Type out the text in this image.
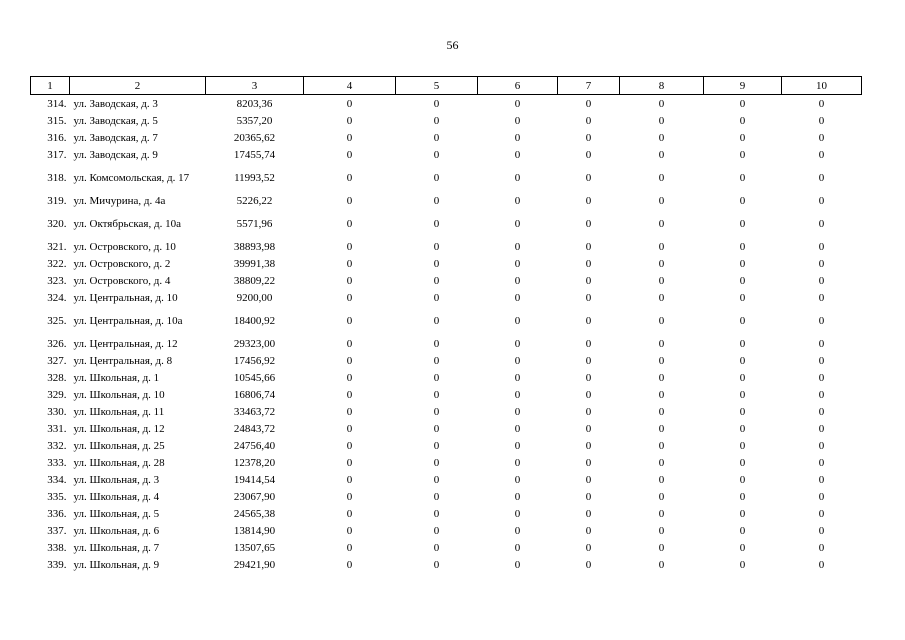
56
1	2	3	4	5	6	7	8	9	10
314.	ул. Заводская, д. 3	8203,36	0	0	0	0	0	0	0
315.	ул. Заводская, д. 5	5357,20	0	0	0	0	0	0	0
316.	ул. Заводская, д. 7	20365,62	0	0	0	0	0	0	0
317.	ул. Заводская, д. 9	17455,74	0	0	0	0	0	0	0
318.	ул. Комсомольская, д. 17	11993,52	0	0	0	0	0	0	0
319.	ул. Мичурина, д. 4а	5226,22	0	0	0	0	0	0	0
320.	ул. Октябрьская, д. 10а	5571,96	0	0	0	0	0	0	0
321.	ул. Островского, д. 10	38893,98	0	0	0	0	0	0	0
322.	ул. Островского, д. 2	39991,38	0	0	0	0	0	0	0
323.	ул. Островского, д. 4	38809,22	0	0	0	0	0	0	0
324.	ул. Центральная, д. 10	9200,00	0	0	0	0	0	0	0
325.	ул. Центральная, д. 10а	18400,92	0	0	0	0	0	0	0
326.	ул. Центральная, д. 12	29323,00	0	0	0	0	0	0	0
327.	ул. Центральная, д. 8	17456,92	0	0	0	0	0	0	0
328.	ул. Школьная, д. 1	10545,66	0	0	0	0	0	0	0
329.	ул. Школьная, д. 10	16806,74	0	0	0	0	0	0	0
330.	ул. Школьная, д. 11	33463,72	0	0	0	0	0	0	0
331.	ул. Школьная, д. 12	24843,72	0	0	0	0	0	0	0
332.	ул. Школьная, д. 25	24756,40	0	0	0	0	0	0	0
333.	ул. Школьная, д. 28	12378,20	0	0	0	0	0	0	0
334.	ул. Школьная, д. 3	19414,54	0	0	0	0	0	0	0
335.	ул. Школьная, д. 4	23067,90	0	0	0	0	0	0	0
336.	ул. Школьная, д. 5	24565,38	0	0	0	0	0	0	0
337.	ул. Школьная, д. 6	13814,90	0	0	0	0	0	0	0
338.	ул. Школьная, д. 7	13507,65	0	0	0	0	0	0	0
339.	ул. Школьная, д. 9	29421,90	0	0	0	0	0	0	0
